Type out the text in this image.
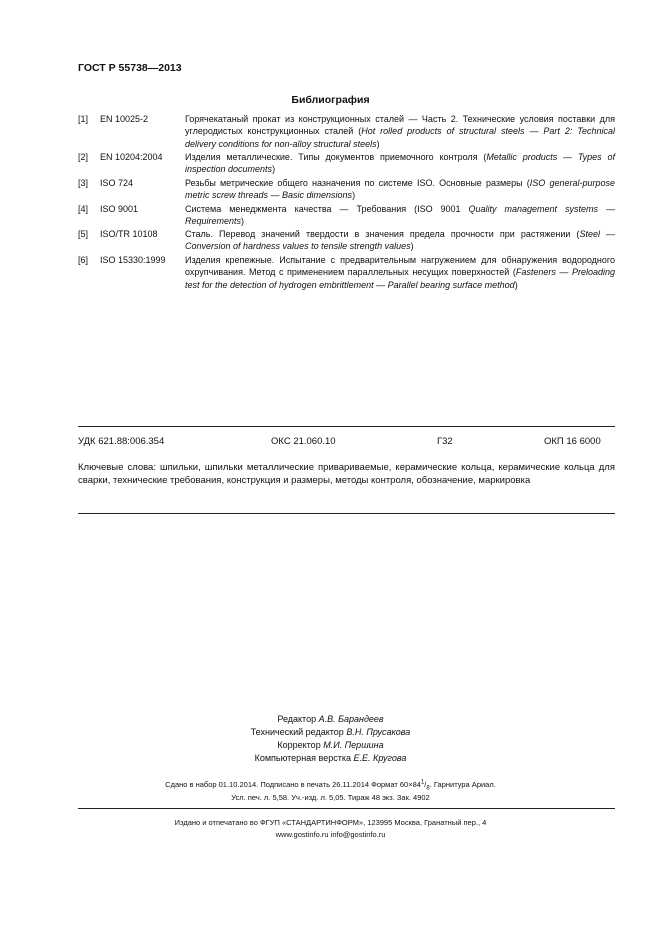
ГОСТ Р 55738—2013
Библиография
[1] EN 10025-2	Горячекатаный прокат из конструкционных сталей — Часть 2. Технические условия поставки для углеродистых конструкционных сталей (Hot rolled products of structural steels — Part 2: Technical delivery conditions for non-alloy structural steels)
[2] EN 10204:2004 Изделия металлические. Типы документов приемочного контроля (Metallic products — Types of inspection documents)
[3] ISO 724	Резьбы метрические общего назначения по системе ISO. Основные размеры (ISO general-purpose metric screw threads — Basic dimensions)
[4] ISO 9001	Система менеджмента качества — Требования (ISO 9001 Quality management systems — Requirements)
[5] ISO/TR 10108	Сталь. Перевод значений твердости в значения предела прочности при растяжении (Steel — Conversion of hardness values to tensile strength values)
[6] ISO 15330:1999 Изделия крепежные. Испытание с предварительным нагружением для обнаружения водородного охрупчивания. Метод с применением параллельных несущих поверхностей (Fasteners — Preloading test for the detection of hydrogen embrittlement — Parallel bearing surface method)
УДК 621.88:006.354	ОКС 21.060.10	Г32	ОКП 16 6000
Ключевые слова: шпильки, шпильки металлические привариваемые, керамические кольца, керамические кольца для сварки, технические требования, конструкция и размеры, методы контроля, обозначение, маркировка
Редактор А.В. Барандеев
Технический редактор В.Н. Прусакова
Корректор М.И. Першина
Компьютерная верстка Е.Е. Кругова
Сдано в набор 01.10.2014. Подписано в печать 26.11.2014 Формат $60\times 84^1/_8$. Гарнитура Ариал.
Усл. печ. л. 5,58. Уч.-изд. л. 5,05. Тираж 48 экз. Зак. 4902
Издано и отпечатано во ФГУП «СТАНДАРТИНФОРМ», 123995 Москва, Гранатный пер., 4
www.gostinfo.ru info@gostinfo.ru
